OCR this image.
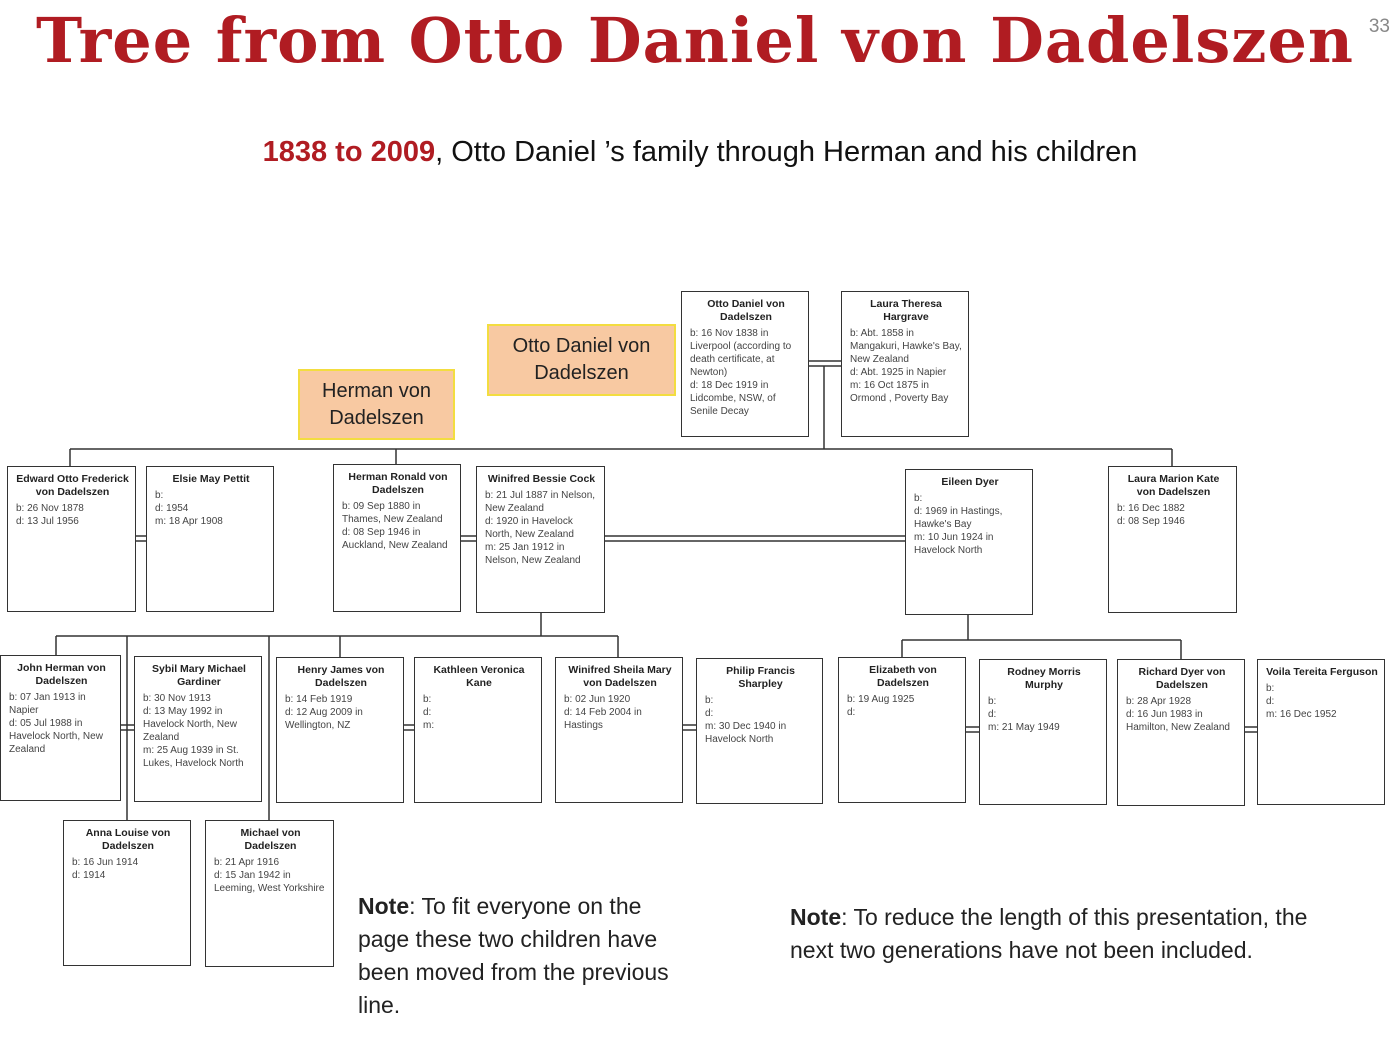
Tree from Otto Daniel von Dadelszen 33
1838 to 2009, Otto Daniel ’s family through Herman and his children
Otto Daniel von Dadelszen
Herman von Dadelszen
Otto Daniel von Dadelszen
b: 16 Nov 1838 in Liverpool (according to death certificate, at Newton)
d: 18 Dec 1919 in Lidcombe, NSW, of Senile Decay
Laura Theresa Hargrave
b: Abt. 1858 in Mangakuri, Hawke's Bay, New Zealand
d: Abt. 1925 in Napier
m: 16 Oct 1875 in Ormond , Poverty Bay
Edward Otto Frederick von Dadelszen
b: 26 Nov 1878
d: 13 Jul 1956
Elsie May Pettit
b:
d: 1954
m: 18 Apr 1908
Herman Ronald von Dadelszen
b: 09 Sep 1880 in Thames, New Zealand
d: 08 Sep 1946 in Auckland, New Zealand
Winifred Bessie Cock
b: 21 Jul 1887 in Nelson, New Zealand
d: 1920 in Havelock North, New Zealand
m: 25 Jan 1912 in Nelson, New Zealand
Eileen Dyer
b:
d: 1969 in Hastings, Hawke's Bay
m: 10 Jun 1924 in Havelock North
Laura Marion Kate von Dadelszen
b: 16 Dec 1882
d: 08 Sep 1946
John Herman von Dadelszen
b: 07 Jan 1913 in Napier
d: 05 Jul 1988 in Havelock North, New Zealand
Sybil Mary Michael Gardiner
b: 30 Nov 1913
d: 13 May 1992 in Havelock North, New Zealand
m: 25 Aug 1939 in St. Lukes, Havelock North
Henry James von Dadelszen
b: 14 Feb 1919
d: 12 Aug 2009 in Wellington, NZ
Kathleen Veronica Kane
b:
d:
m:
Winifred Sheila Mary von Dadelszen
b: 02 Jun 1920
d: 14 Feb 2004 in Hastings
Philip Francis Sharpley
b:
d:
m: 30 Dec 1940 in Havelock North
Elizabeth von Dadelszen
b: 19 Aug 1925
d:
Rodney Morris Murphy
b:
d:
m: 21 May 1949
Richard Dyer von Dadelszen
b: 28 Apr 1928
d: 16 Jun 1983 in Hamilton, New Zealand
Voila Tereita Ferguson
b:
d:
m: 16 Dec 1952
Anna Louise von Dadelszen
b: 16 Jun 1914
d: 1914
Michael von Dadelszen
b: 21 Apr 1916
d: 15 Jan 1942 in Leeming, West Yorkshire
Note: To fit everyone on the page these two children have been moved from the previous line.
Note: To reduce the length of this presentation, the next two generations have not been included.
